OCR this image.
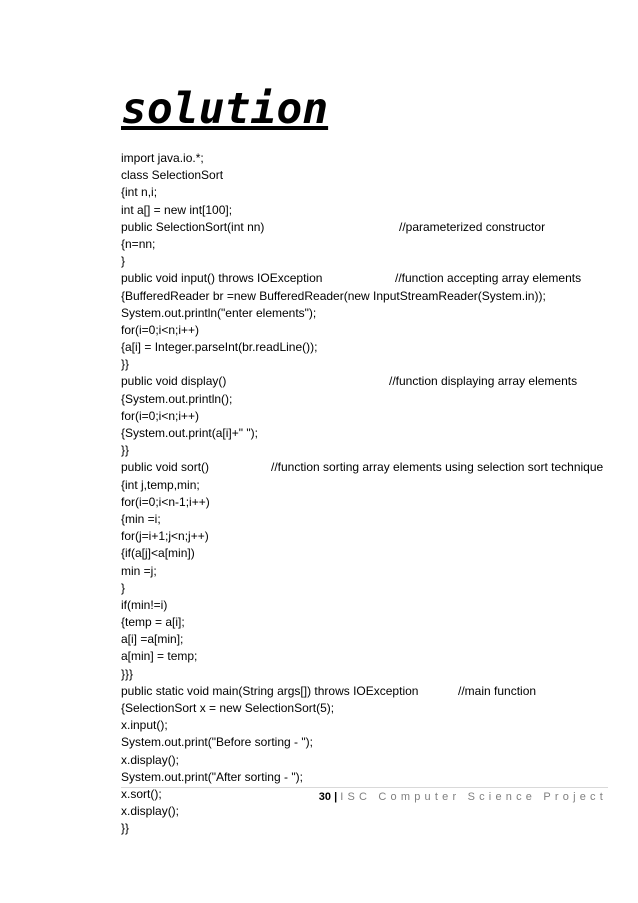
solution
import java.io.*;
class SelectionSort
{int n,i;
int a[] = new int[100];
public SelectionSort(int nn)	//parameterized constructor
{n=nn;
}
public void input() throws IOException	//function accepting array elements
{BufferedReader br =new BufferedReader(new InputStreamReader(System.in));
System.out.println("enter elements");
for(i=0;i<n;i++)
{a[i] = Integer.parseInt(br.readLine());
}}
public void display()	//function displaying array elements
{System.out.println();
for(i=0;i<n;i++)
{System.out.print(a[i]+" ");
}}
public void sort()	//function sorting array elements using selection sort technique
{int j,temp,min;
for(i=0;i<n-1;i++)
{min =i;
for(j=i+1;j<n;j++)
{if(a[j]<a[min])
min =j;
}
if(min!=i)
{temp = a[i];
a[i] =a[min];
a[min] = temp;
}}}
public static void main(String args[]) throws IOException	//main function
{SelectionSort x = new SelectionSort(5);
x.input();
System.out.print("Before sorting - ");
x.display();
System.out.print("After sorting - ");
x.sort();
x.display();
}}
30 | ISC Computer Science Project
